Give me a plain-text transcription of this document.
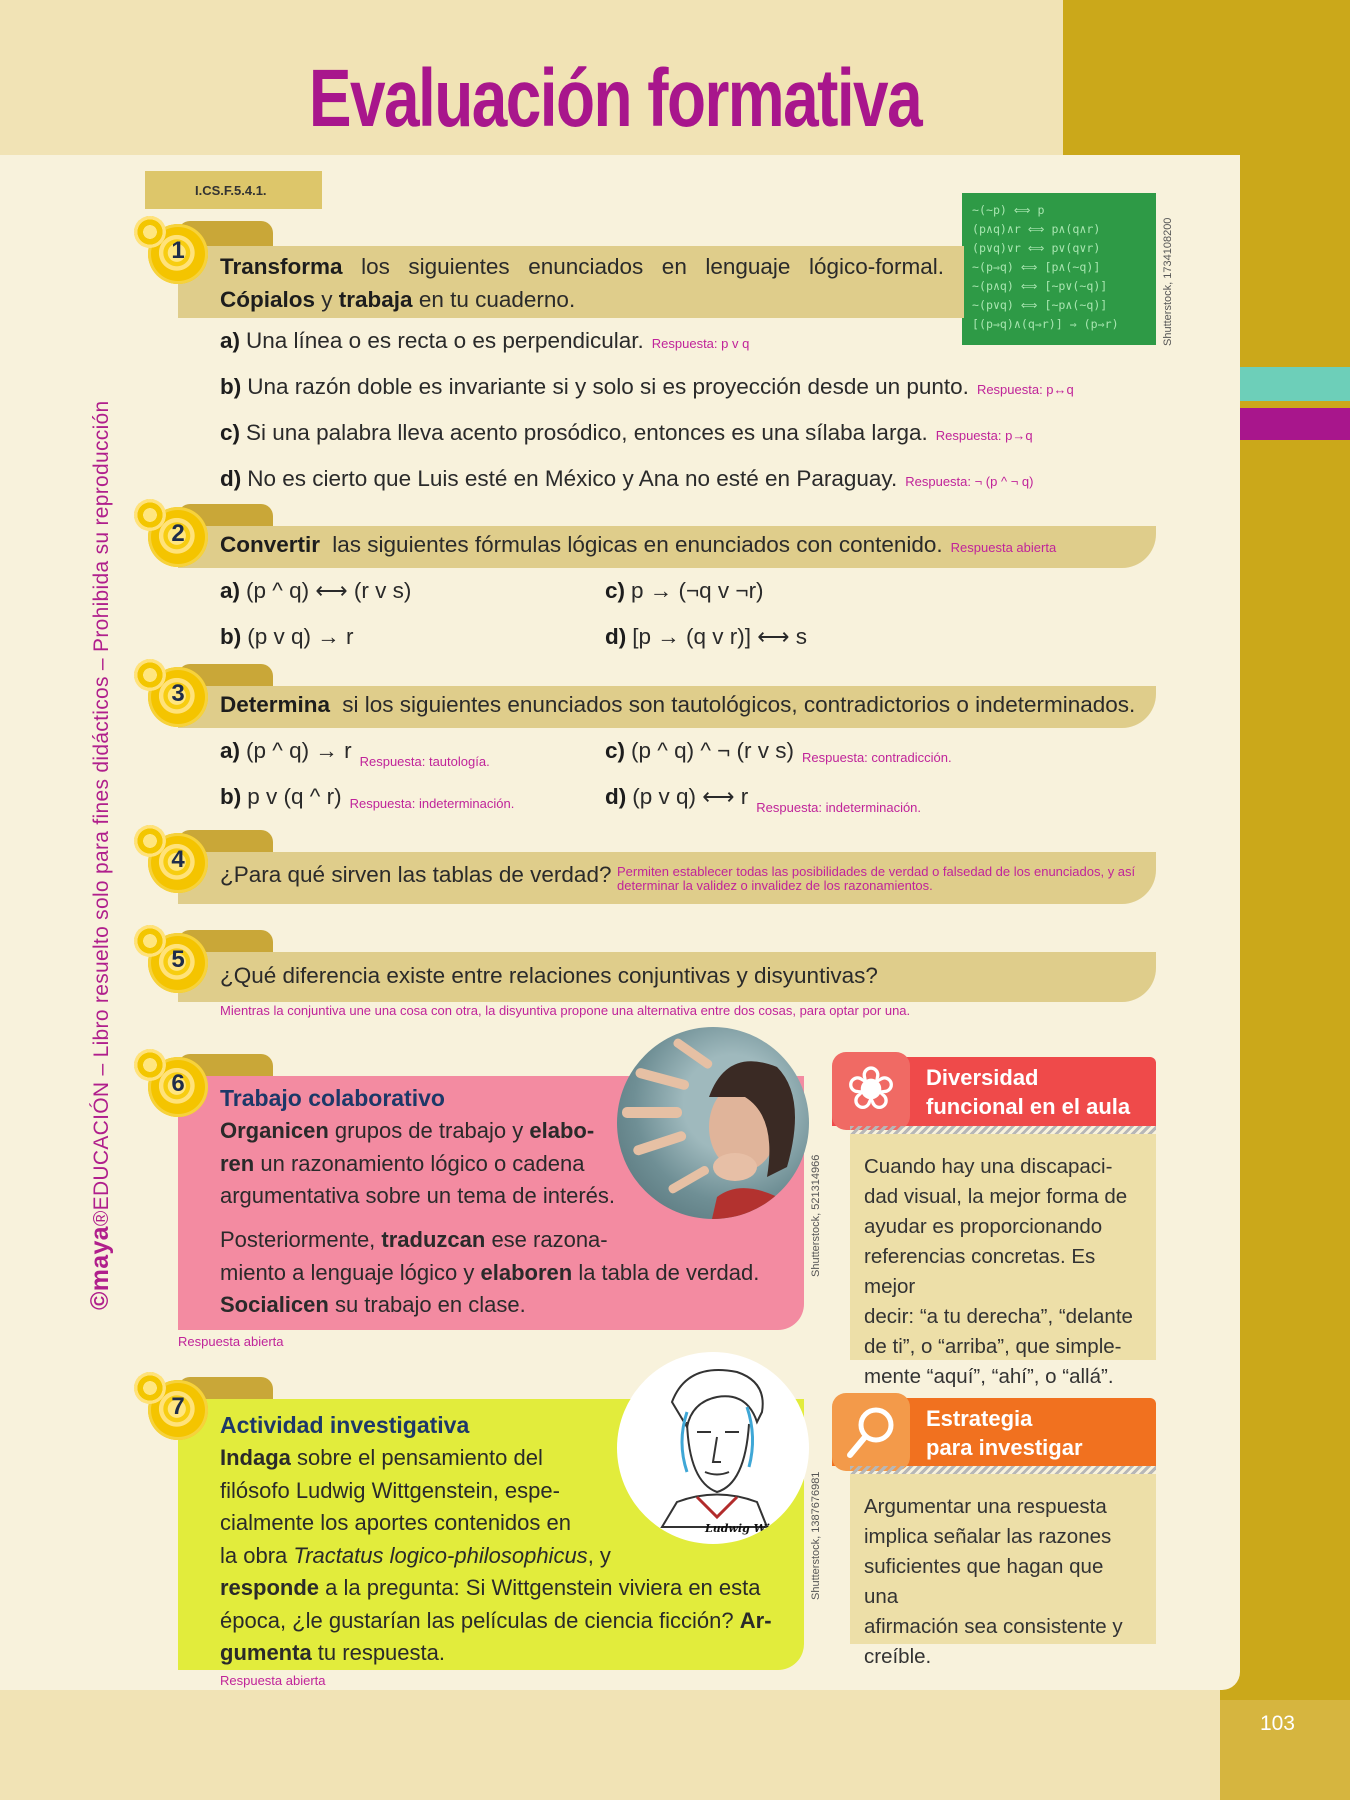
103
Evaluación formativa
©maya®EDUCACIÓN – Libro resuelto solo para fines didácticos – Prohibida su reproducción
I.CS.F.5.4.1.
~(~p) ⟺ p
(p∧q)∧r ⟺ p∧(q∧r)
(p∨q)∨r ⟺ p∨(q∨r)
~(p⇒q) ⟺ [p∧(~q)]
~(p∧q) ⟺ [~p∨(~q)]
~(p∨q) ⟺ [~p∧(~q)]
[(p⇒q)∧(q⇒r)] ⇒ (p⇒r)	Shutterstock, 1734108200
1
Transforma los siguientes enunciados en lenguaje lógico-formal. Cópialos y trabaja en tu cuaderno.
a) Una línea o es recta o es perpendicular. Respuesta: p v q
b) Una razón doble es invariante si y solo si es proyección desde un punto. Respuesta: p↔q
c) Si una palabra lleva acento prosódico, entonces es una sílaba larga. Respuesta: p→q
d) No es cierto que Luis esté en México y Ana no esté en Paraguay. Respuesta: ¬ (p ^ ¬ q)
2	Convertir las siguientes fórmulas lógicas en enunciados con contenido. Respuesta abierta
a) (p ^ q) ⟷ (r v s)
b) (p v q) → r
c) p → (¬q v ¬r)
d) [p → (q v r)] ⟷ s
3	Determina si los siguientes enunciados son tautológicos, contradictorios o indeterminados.
a) (p ^ q) → r $_{Respuesta: tautología.}$
b) p v (q ^ r) Respuesta: indeterminación.
c) (p ^ q) ^ ¬ (r v s) Respuesta: contradicción.
d) (p v q) ⟷ r $_{Respuesta: indeterminación.}$
4
¿Para qué sirven las tablas de verdad? Permiten establecer todas las posibilidades de verdad o falsedad de los enunciados, y así determinar la validez o invalidez de los razonamientos.
5
¿Qué diferencia existe entre relaciones conjuntivas y disyuntivas?
Mientras la conjuntiva une una cosa con otra, la disyuntiva propone una alternativa entre dos cosas, para optar por una.
6
Trabajo colaborativo
Organicen grupos de trabajo y elabo-
ren un razonamiento lógico o cadena
argumentativa sobre un tema de interés.
Posteriormente, traduzcan ese razona-
miento a lenguaje lógico y elaboren la tabla de verdad.
Socialicen su trabajo en clase.
Respuesta abierta
Shutterstock, 521314966
7
Actividad investigativa
Indaga sobre el pensamiento del
filósofo Ludwig Wittgenstein, espe-
cialmente los aportes contenidos en
la obra Tractatus logico-philosophicus, y
responde a la pregunta: Si Wittgenstein viviera en esta
época, ¿le gustarían las películas de ciencia ficción? Ar-
gumenta tu respuesta.
Respuesta abierta
Ludwig Witt	Shutterstock, 1387676981
Diversidad
funcional en el aula
❀
Cuando hay una discapaci-
dad visual, la mejor forma de
ayudar es proporcionando
referencias concretas. Es mejor
decir: “a tu derecha”, “delante
de ti”, o “arriba”, que simple-
mente “aquí”, “ahí”, o “allá”.
Estrategia
para investigar
Argumentar una respuesta
implica señalar las razones
suficientes que hagan que una
afirmación sea consistente y
creíble.
